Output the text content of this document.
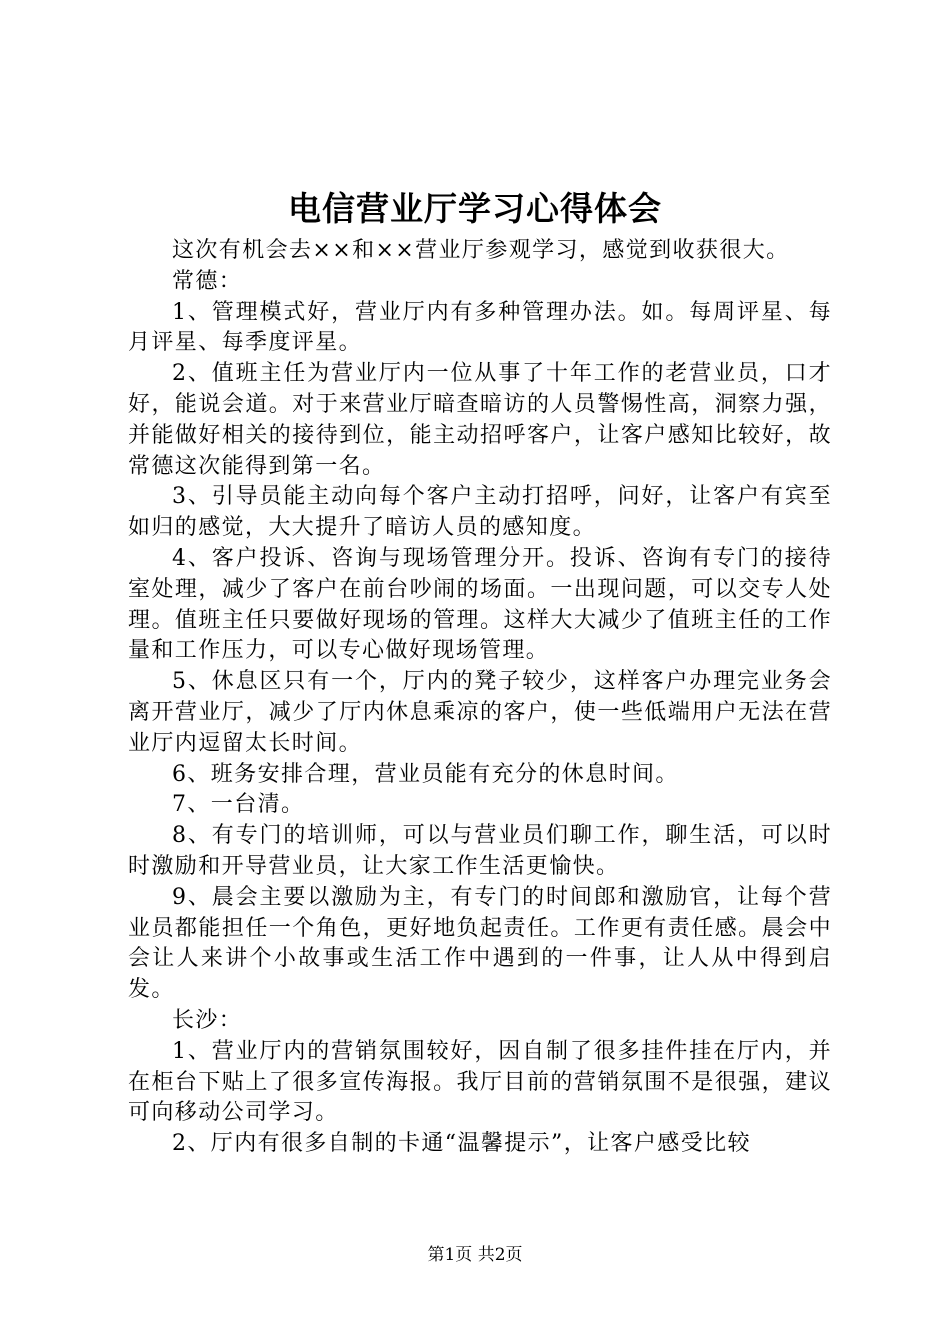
电信营业厅学习心得体会

这次有机会去××和××营业厅参观学习，感觉到收获很大。

常德：

1、管理模式好，营业厅内有多种管理办法。如。每周评星、每月评星、每季度评星。

2、值班主任为营业厅内一位从事了十年工作的老营业员，口才好，能说会道。对于来营业厅暗查暗访的人员警惕性高，洞察力强，并能做好相关的接待到位，能主动招呼客户，让客户感知比较好，故常德这次能得到第一名。

3、引导员能主动向每个客户主动打招呼，问好，让客户有宾至如归的感觉，大大提升了暗访人员的感知度。

4、客户投诉、咨询与现场管理分开。投诉、咨询有专门的接待室处理，减少了客户在前台吵闹的场面。一出现问题，可以交专人处理。值班主任只要做好现场的管理。这样大大减少了值班主任的工作量和工作压力，可以专心做好现场管理。

5、休息区只有一个，厅内的凳子较少，这样客户办理完业务会离开营业厅，减少了厅内休息乘凉的客户，使一些低端用户无法在营业厅内逗留太长时间。

6、班务安排合理，营业员能有充分的休息时间。

7、一台清。

8、有专门的培训师，可以与营业员们聊工作，聊生活，可以时时激励和开导营业员，让大家工作生活更愉快。

9、晨会主要以激励为主，有专门的时间郎和激励官，让每个营业员都能担任一个角色，更好地负起责任。工作更有责任感。晨会中会让人来讲个小故事或生活工作中遇到的一件事，让人从中得到启发。

长沙：

1、营业厅内的营销氛围较好，因自制了很多挂件挂在厅内，并在柜台下贴上了很多宣传海报。我厅目前的营销氛围不是很强，建议可向移动公司学习。

2、厅内有很多自制的卡通“温馨提示”，让客户感受比较

第1页 共2页
